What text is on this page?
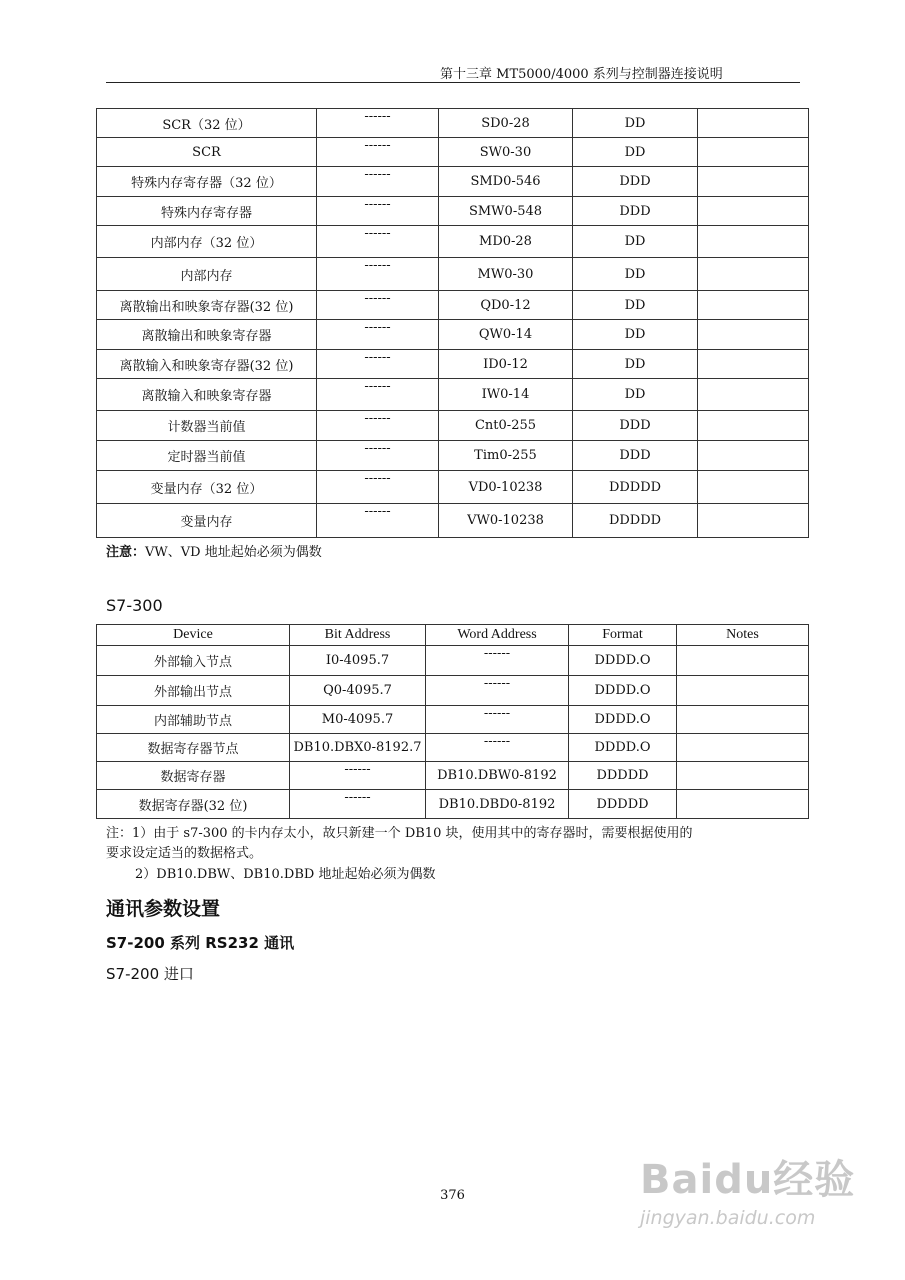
第十三章 MT5000/4000 系列与控制器连接说明
SCR（32 位）	------	SD0-28	DD	
SCR	------	SW0-30	DD	
特殊内存寄存器（32 位）	------	SMD0-546	DDD	
特殊内存寄存器	------	SMW0-548	DDD	
内部内存（32 位）	------	MD0-28	DD	
内部内存	------	MW0-30	DD	
离散输出和映象寄存器(32 位)	------	QD0-12	DD	
离散输出和映象寄存器	------	QW0-14	DD	
离散输入和映象寄存器(32 位)	------	ID0-12	DD	
离散输入和映象寄存器	------	IW0-14	DD	
计数器当前值	------	Cnt0-255	DDD	
定时器当前值	------	Tim0-255	DDD	
变量内存（32 位）	------	VD0-10238	DDDDD	
变量内存	------	VW0-10238	DDDDD	
注意：VW、VD 地址起始必须为偶数
S7-300
Device	Bit Address	Word Address	Format	Notes
外部输入节点	I0-4095.7	------	DDDD.O	
外部输出节点	Q0-4095.7	------	DDDD.O	
内部辅助节点	M0-4095.7	------	DDDD.O	
数据寄存器节点	DB10.DBX0-8192.7	------	DDDD.O	
数据寄存器	------	DB10.DBW0-8192	DDDDD	
数据寄存器(32 位)	------	DB10.DBD0-8192	DDDDD	
注：1）由于 s7-300 的卡内存太小，故只新建一个 DB10 块，使用其中的寄存器时，需要根据使用的
要求设定适当的数据格式。
2）DB10.DBW、DB10.DBD 地址起始必须为偶数
通讯参数设置
S7-200 系列 RS232 通讯
S7-200 进口
376	Baidu经验
jingyan.baidu.com
